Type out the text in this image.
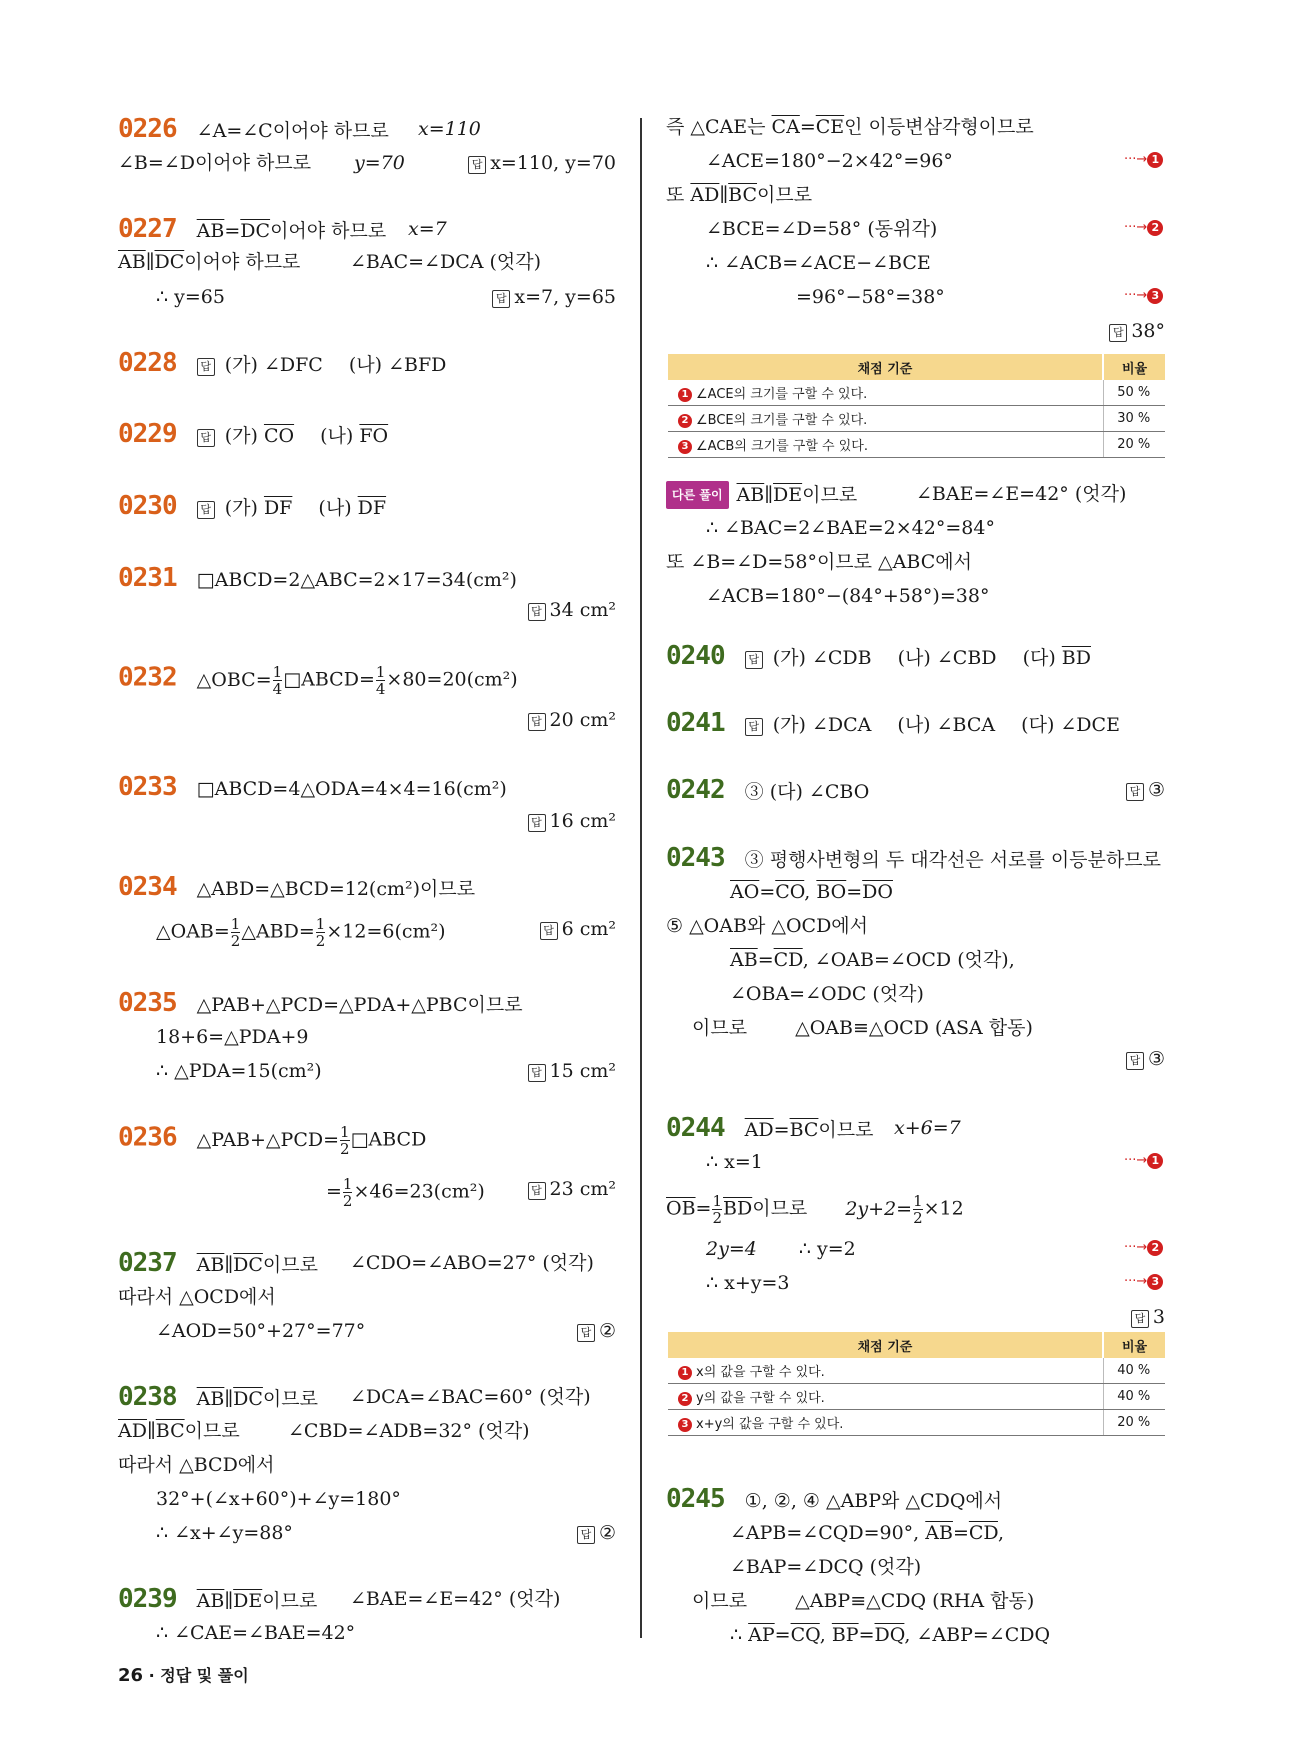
0226 ∠A=∠C이어야 하므로 x=110
∠B=∠D이어야 하므로 y=70 답	x=110, y=70
0227 $\overline{AB}=\overline{DC}$이어야 하므로 x=7
$\overline{AB}\parallel\overline{DC}$이어야 하므로	∠BAC=∠DCA (엇각)
∴ y=65 답	x=7, y=65
0228 답	(가) ∠DFC (나) ∠BFD
0229 답	(가) $\overline{CO}$ (나) $\overline{FO}$
0230 답	(가) $\overline{DF}$ (나) $\overline{DF}$
0231 □ABCD=2△ABC=2×17=34(cm²)
답34 cm²
0232 △OBC= $\frac{1}{4}$ □ABCD= $\frac{1}{4} \times 80=20(cm^2)$
답20 cm²
0233 □ABCD=4△ODA=4×4=16(cm²)
답16 cm²
0234 △ABD=△BCD=12(cm²)이므로
△OAB= $\frac{1}{2}$ △ABD= $\frac{1}{2} \times 12=6(cm^2)$ 답	6 cm²
0235 △PAB+△PCD=△PDA+△PBC이므로
18+6=△PDA+9
∴ △PDA=15(cm²) 답	15 cm²
0236 △PAB+△PCD= $\frac{1}{2}$ □ABCD
= $\frac{1}{2} \times 46=23(cm^2)$ 답	23 cm²
0237 $\overline{AB}\parallel\overline{DC}$이므로 ∠CDO=∠ABO=27° (엇각)
따라서 △OCD에서
∠AOD=50°+27°=77° 답	②
0238 $\overline{AB}\parallel\overline{DC}$이므로 ∠DCA=∠BAC=60° (엇각)
$\overline{AD}\parallel\overline{BC}$이므로	∠CBD=∠ADB=32° (엇각)
따라서 △BCD에서
32°+(∠x+60°)+∠y=180°
∴ ∠x+∠y=88° 답	②
0239 $\overline{AB}\parallel\overline{DE}$이므로 ∠BAE=∠E=42° (엇각)
∴ ∠CAE=∠BAE=42°
26 · 정답 및 풀이
즉 △CAE는 $\overline{CA}=\overline{CE}$인 이등변삼각형이므로
∠ACE=180°−2×42°=96°	···→ 1
또 $\overline{AD}\parallel\overline{BC}$이므로
∠BCE=∠D=58° (동위각)	···→ 2
∴ ∠ACB=∠ACE−∠BCE
=96°−58°=38°	···→ 3
답38°
채점 기준	비율
1 ∠ACE의 크기를 구할 수 있다.	50 %
2 ∠BCE의 크기를 구할 수 있다.	30 %
3 ∠ACB의 크기를 구할 수 있다.	20 %
다른 풀이 $\overline{AB}\parallel\overline{DE}$이므로	∠BAE=∠E=42° (엇각)
∴ ∠BAC=2∠BAE=2×42°=84°
또 ∠B=∠D=58°이므로 △ABC에서
∠ACB=180°−(84°+58°)=38°
0240 답	(가) ∠CDB (나) ∠CBD (다) $\overline{BD}$
0241 답	(가) ∠DCA (나) ∠BCA (다) ∠DCE
0242 ③ (다) ∠CBO 답	③
0243 ③ 평행사변형의 두 대각선은 서로를 이등분하므로
$\overline{AO}=\overline{CO}$, $\overline{BO}=\overline{DO}$
⑤ △OAB와 △OCD에서
$\overline{AB}=\overline{CD}$, ∠OAB=∠OCD (엇각),
∠OBA=∠ODC (엇각)
이므로	△OAB≡△OCD (ASA 합동)
답③
0244 $\overline{AD}=\overline{BC}$이므로 x+6=7
∴ x=1	···→ 1
$\overline{OB}= \frac{1}{2} \overline{BD}$이므로 $2y+2= \frac{1}{2} \times 12$
2y=4 ∴ y=2	···→ 2
∴ x+y=3	···→ 3
답3
채점 기준	비율
1 x의 값을 구할 수 있다.	40 %
2 y의 값을 구할 수 있다.	40 %
3 x+y의 값을 구할 수 있다.	20 %
0245 ①, ②, ④ △ABP와 △CDQ에서
∠APB=∠CQD=90°, $\overline{AB}=\overline{CD}$,
∠BAP=∠DCQ (엇각)
이므로	△ABP≡△CDQ (RHA 합동)
∴ $\overline{AP}=\overline{CQ}$, $\overline{BP}=\overline{DQ}$, ∠ABP=∠CDQ
